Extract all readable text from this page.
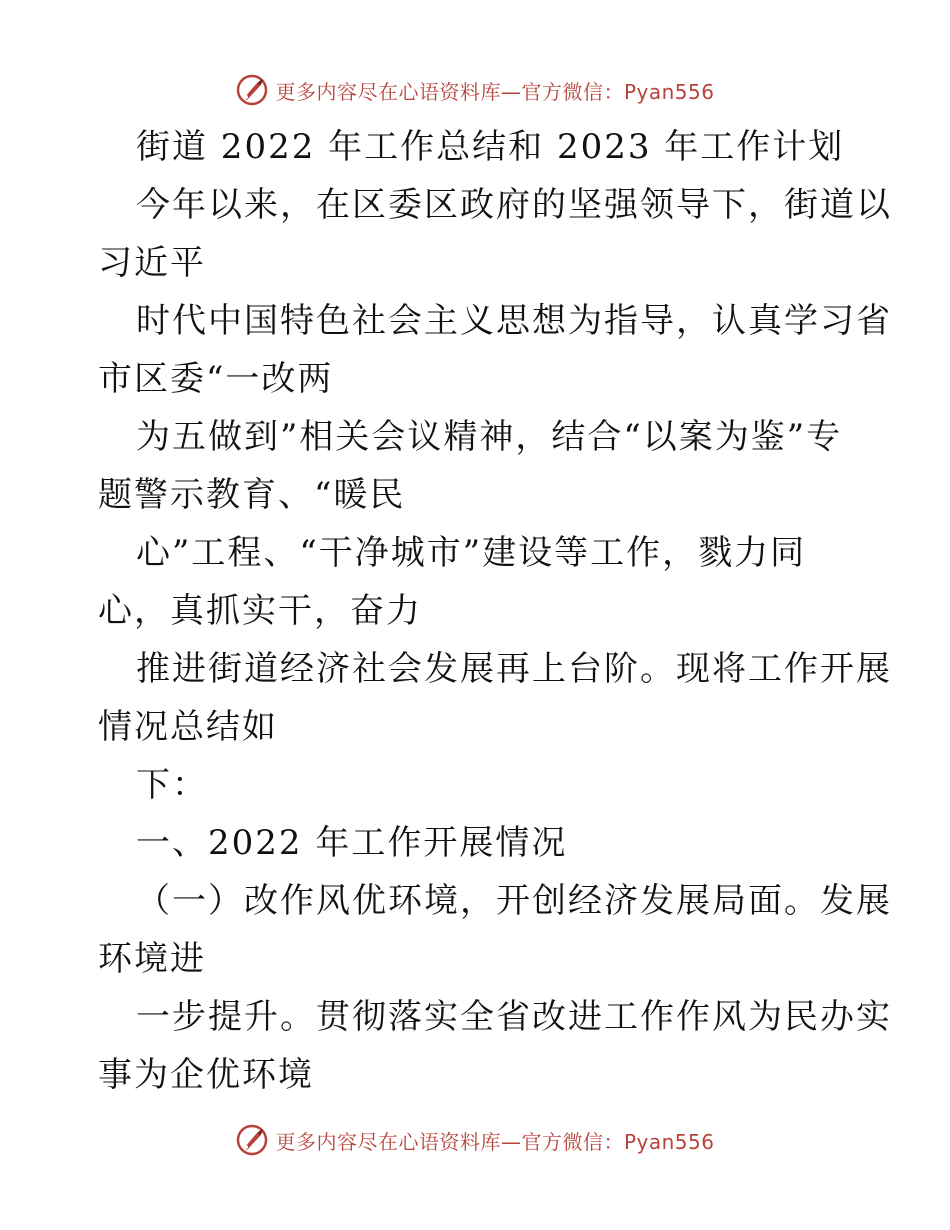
更多内容尽在心语资料库—官方微信：Pyan556
街道 2022 年工作总结和 2023 年工作计划
今年以来，在区委区政府的坚强领导下，街道以
习近平
时代中国特色社会主义思想为指导，认真学习省
市区委“一改两
为五做到”相关会议精神，结合“以案为鉴”专
题警示教育、“暖民
心”工程、“干净城市”建设等工作，戮力同
心，真抓实干，奋力
推进街道经济社会发展再上台阶。现将工作开展
情况总结如
下：
一、2022 年工作开展情况
（一）改作风优环境，开创经济发展局面。发展
环境进
一步提升。贯彻落实全省改进工作作风为民办实
事为企优环境
更多内容尽在心语资料库—官方微信：Pyan556
